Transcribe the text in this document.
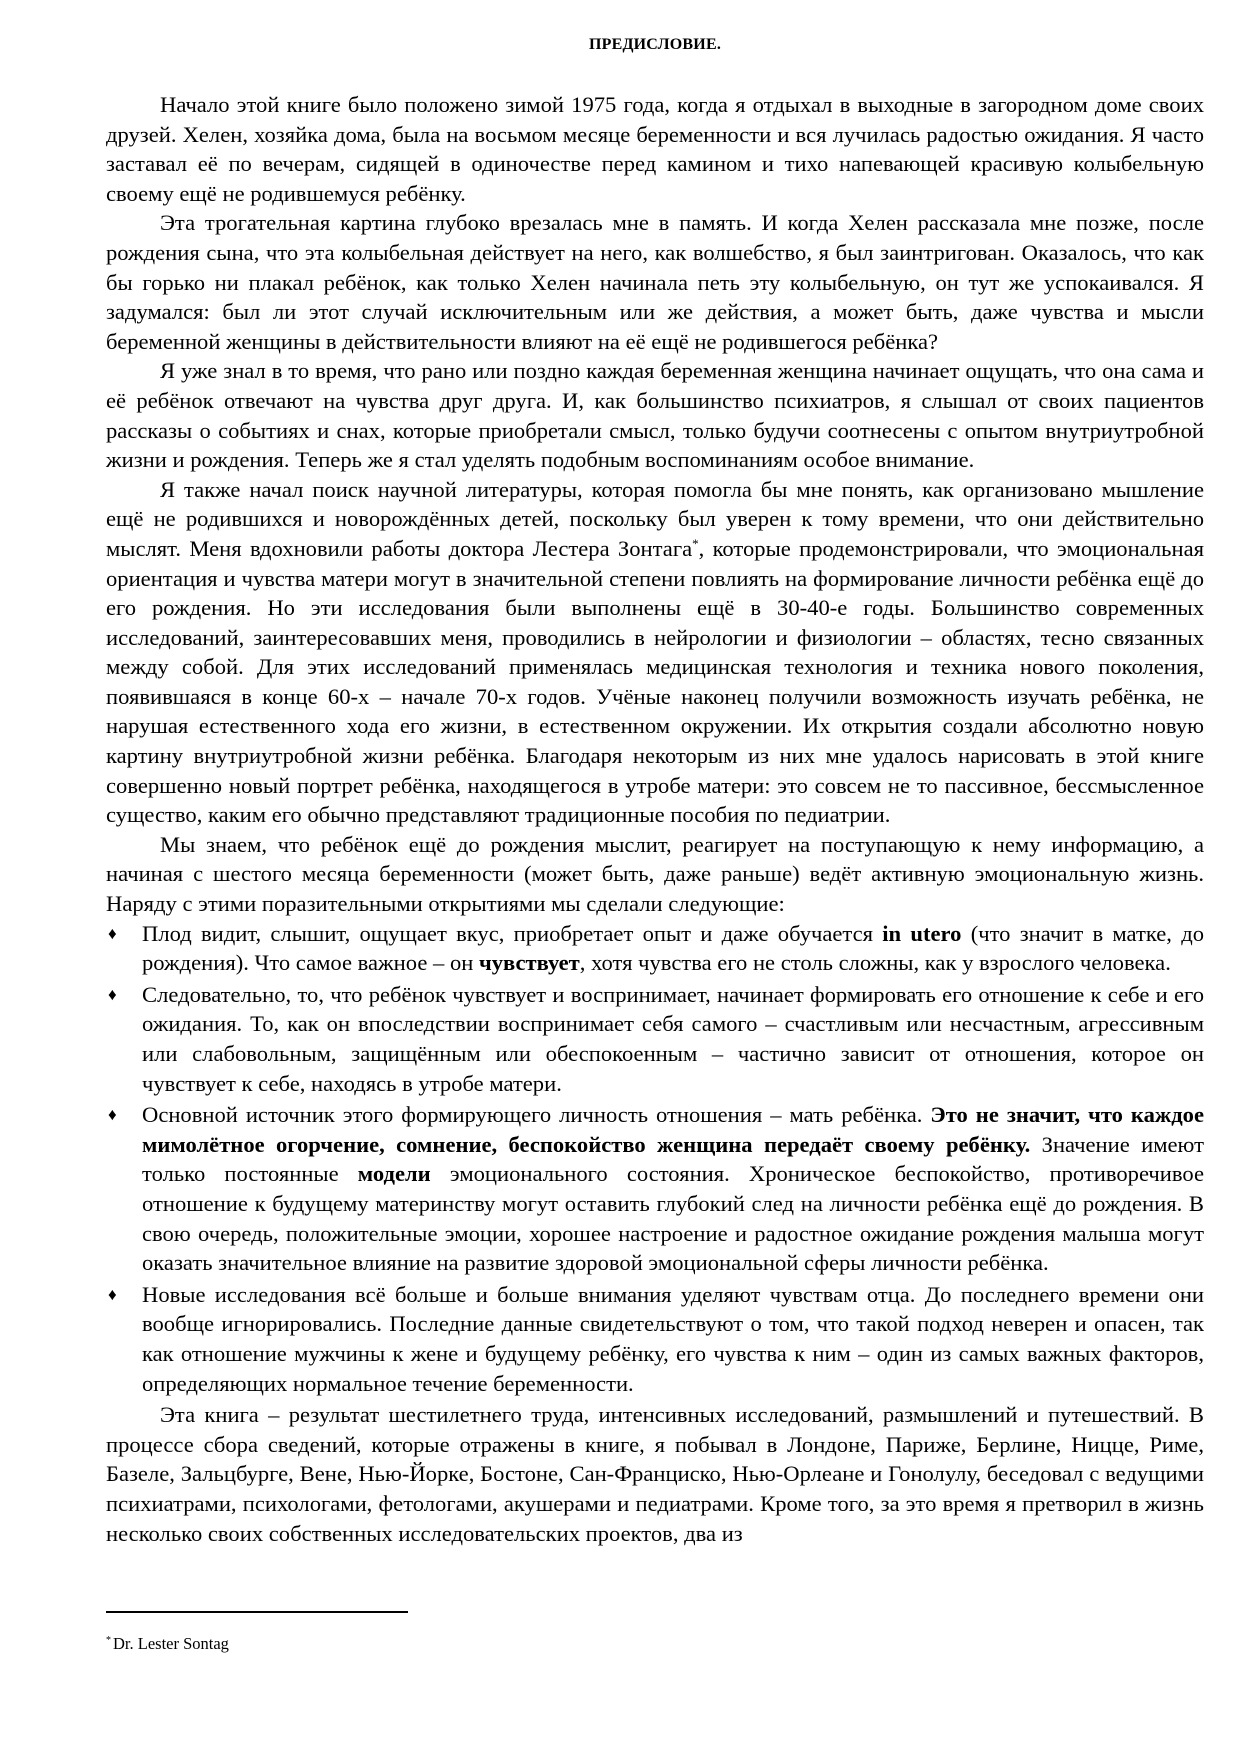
ПРЕДИСЛОВИЕ.

Начало этой книге было положено зимой 1975 года, когда я отдыхал в выходные в загородном доме своих друзей. Хелен, хозяйка дома, была на восьмом месяце беременности и вся лучилась радостью ожидания. Я часто заставал её по вечерам, сидящей в одиночестве перед камином и тихо напевающей красивую колыбельную своему ещё не родившемуся ребёнку.

Эта трогательная картина глубоко врезалась мне в память. И когда Хелен рассказала мне позже, после рождения сына, что эта колыбельная действует на него, как волшебство, я был заинтригован. Оказалось, что как бы горько ни плакал ребёнок, как только Хелен начинала петь эту колыбельную, он тут же успокаивался. Я задумался: был ли этот случай исключительным или же действия, а может быть, даже чувства и мысли беременной женщины в действительности влияют на её ещё не родившегося ребёнка?

Я уже знал в то время, что рано или поздно каждая беременная женщина начинает ощущать, что она сама и её ребёнок отвечают на чувства друг друга. И, как большинство психиатров, я слышал от своих пациентов рассказы о событиях и снах, которые приобретали смысл, только будучи соотнесены с опытом внутриутробной жизни и рождения. Теперь же я стал уделять подобным воспоминаниям особое внимание.

Я также начал поиск научной литературы, которая помогла бы мне понять, как организовано мышление ещё не родившихся и новорождённых детей, поскольку был уверен к тому времени, что они действительно мыслят. Меня вдохновили работы доктора Лестера Зонтага*, которые продемонстрировали, что эмоциональная ориентация и чувства матери могут в значительной степени повлиять на формирование личности ребёнка ещё до его рождения. Но эти исследования были выполнены ещё в 30-40-е годы. Большинство современных исследований, заинтересовавших меня, проводились в нейрологии и физиологии – областях, тесно связанных между собой. Для этих исследований применялась медицинская технология и техника нового поколения, появившаяся в конце 60-х – начале 70-х годов. Учёные наконец получили возможность изучать ребёнка, не нарушая естественного хода его жизни, в естественном окружении. Их открытия создали абсолютно новую картину внутриутробной жизни ребёнка. Благодаря некоторым из них мне удалось нарисовать в этой книге совершенно новый портрет ребёнка, находящегося в утробе матери: это совсем не то пассивное, бессмысленное существо, каким его обычно представляют традиционные пособия по педиатрии.

Мы знаем, что ребёнок ещё до рождения мыслит, реагирует на поступающую к нему информацию, а начиная с шестого месяца беременности (может быть, даже раньше) ведёт активную эмоциональную жизнь. Наряду с этими поразительными открытиями мы сделали следующие:

♦ Плод видит, слышит, ощущает вкус, приобретает опыт и даже обучается in utero (что значит в матке, до рождения). Что самое важное – он чувствует, хотя чувства его не столь сложны, как у взрослого человека.
♦ Следовательно, то, что ребёнок чувствует и воспринимает, начинает формировать его отношение к себе и его ожидания. То, как он впоследствии воспринимает себя самого – счастливым или несчастным, агрессивным или слабовольным, защищённым или обеспокоенным – частично зависит от отношения, которое он чувствует к себе, находясь в утробе матери.
♦ Основной источник этого формирующего личность отношения – мать ребёнка. Это не значит, что каждое мимолётное огорчение, сомнение, беспокойство женщина передаёт своему ребёнку. Значение имеют только постоянные модели эмоционального состояния. Хроническое беспокойство, противоречивое отношение к будущему материнству могут оставить глубокий след на личности ребёнка ещё до рождения. В свою очередь, положительные эмоции, хорошее настроение и радостное ожидание рождения малыша могут оказать значительное влияние на развитие здоровой эмоциональной сферы личности ребёнка.
♦ Новые исследования всё больше и больше внимания уделяют чувствам отца. До последнего времени они вообще игнорировались. Последние данные свидетельствуют о том, что такой подход неверен и опасен, так как отношение мужчины к жене и будущему ребёнку, его чувства к ним – один из самых важных факторов, определяющих нормальное течение беременности.

Эта книга – результат шестилетнего труда, интенсивных исследований, размышлений и путешествий. В процессе сбора сведений, которые отражены в книге, я побывал в Лондоне, Париже, Берлине, Ницце, Риме, Базеле, Зальцбурге, Вене, Нью-Йорке, Бостоне, Сан-Франциско, Нью-Орлеане и Гонолулу, беседовал с ведущими психиатрами, психологами, фетологами, акушерами и педиатрами. Кроме того, за это время я претворил в жизнь несколько своих собственных исследовательских проектов, два из

* Dr. Lester Sontag
